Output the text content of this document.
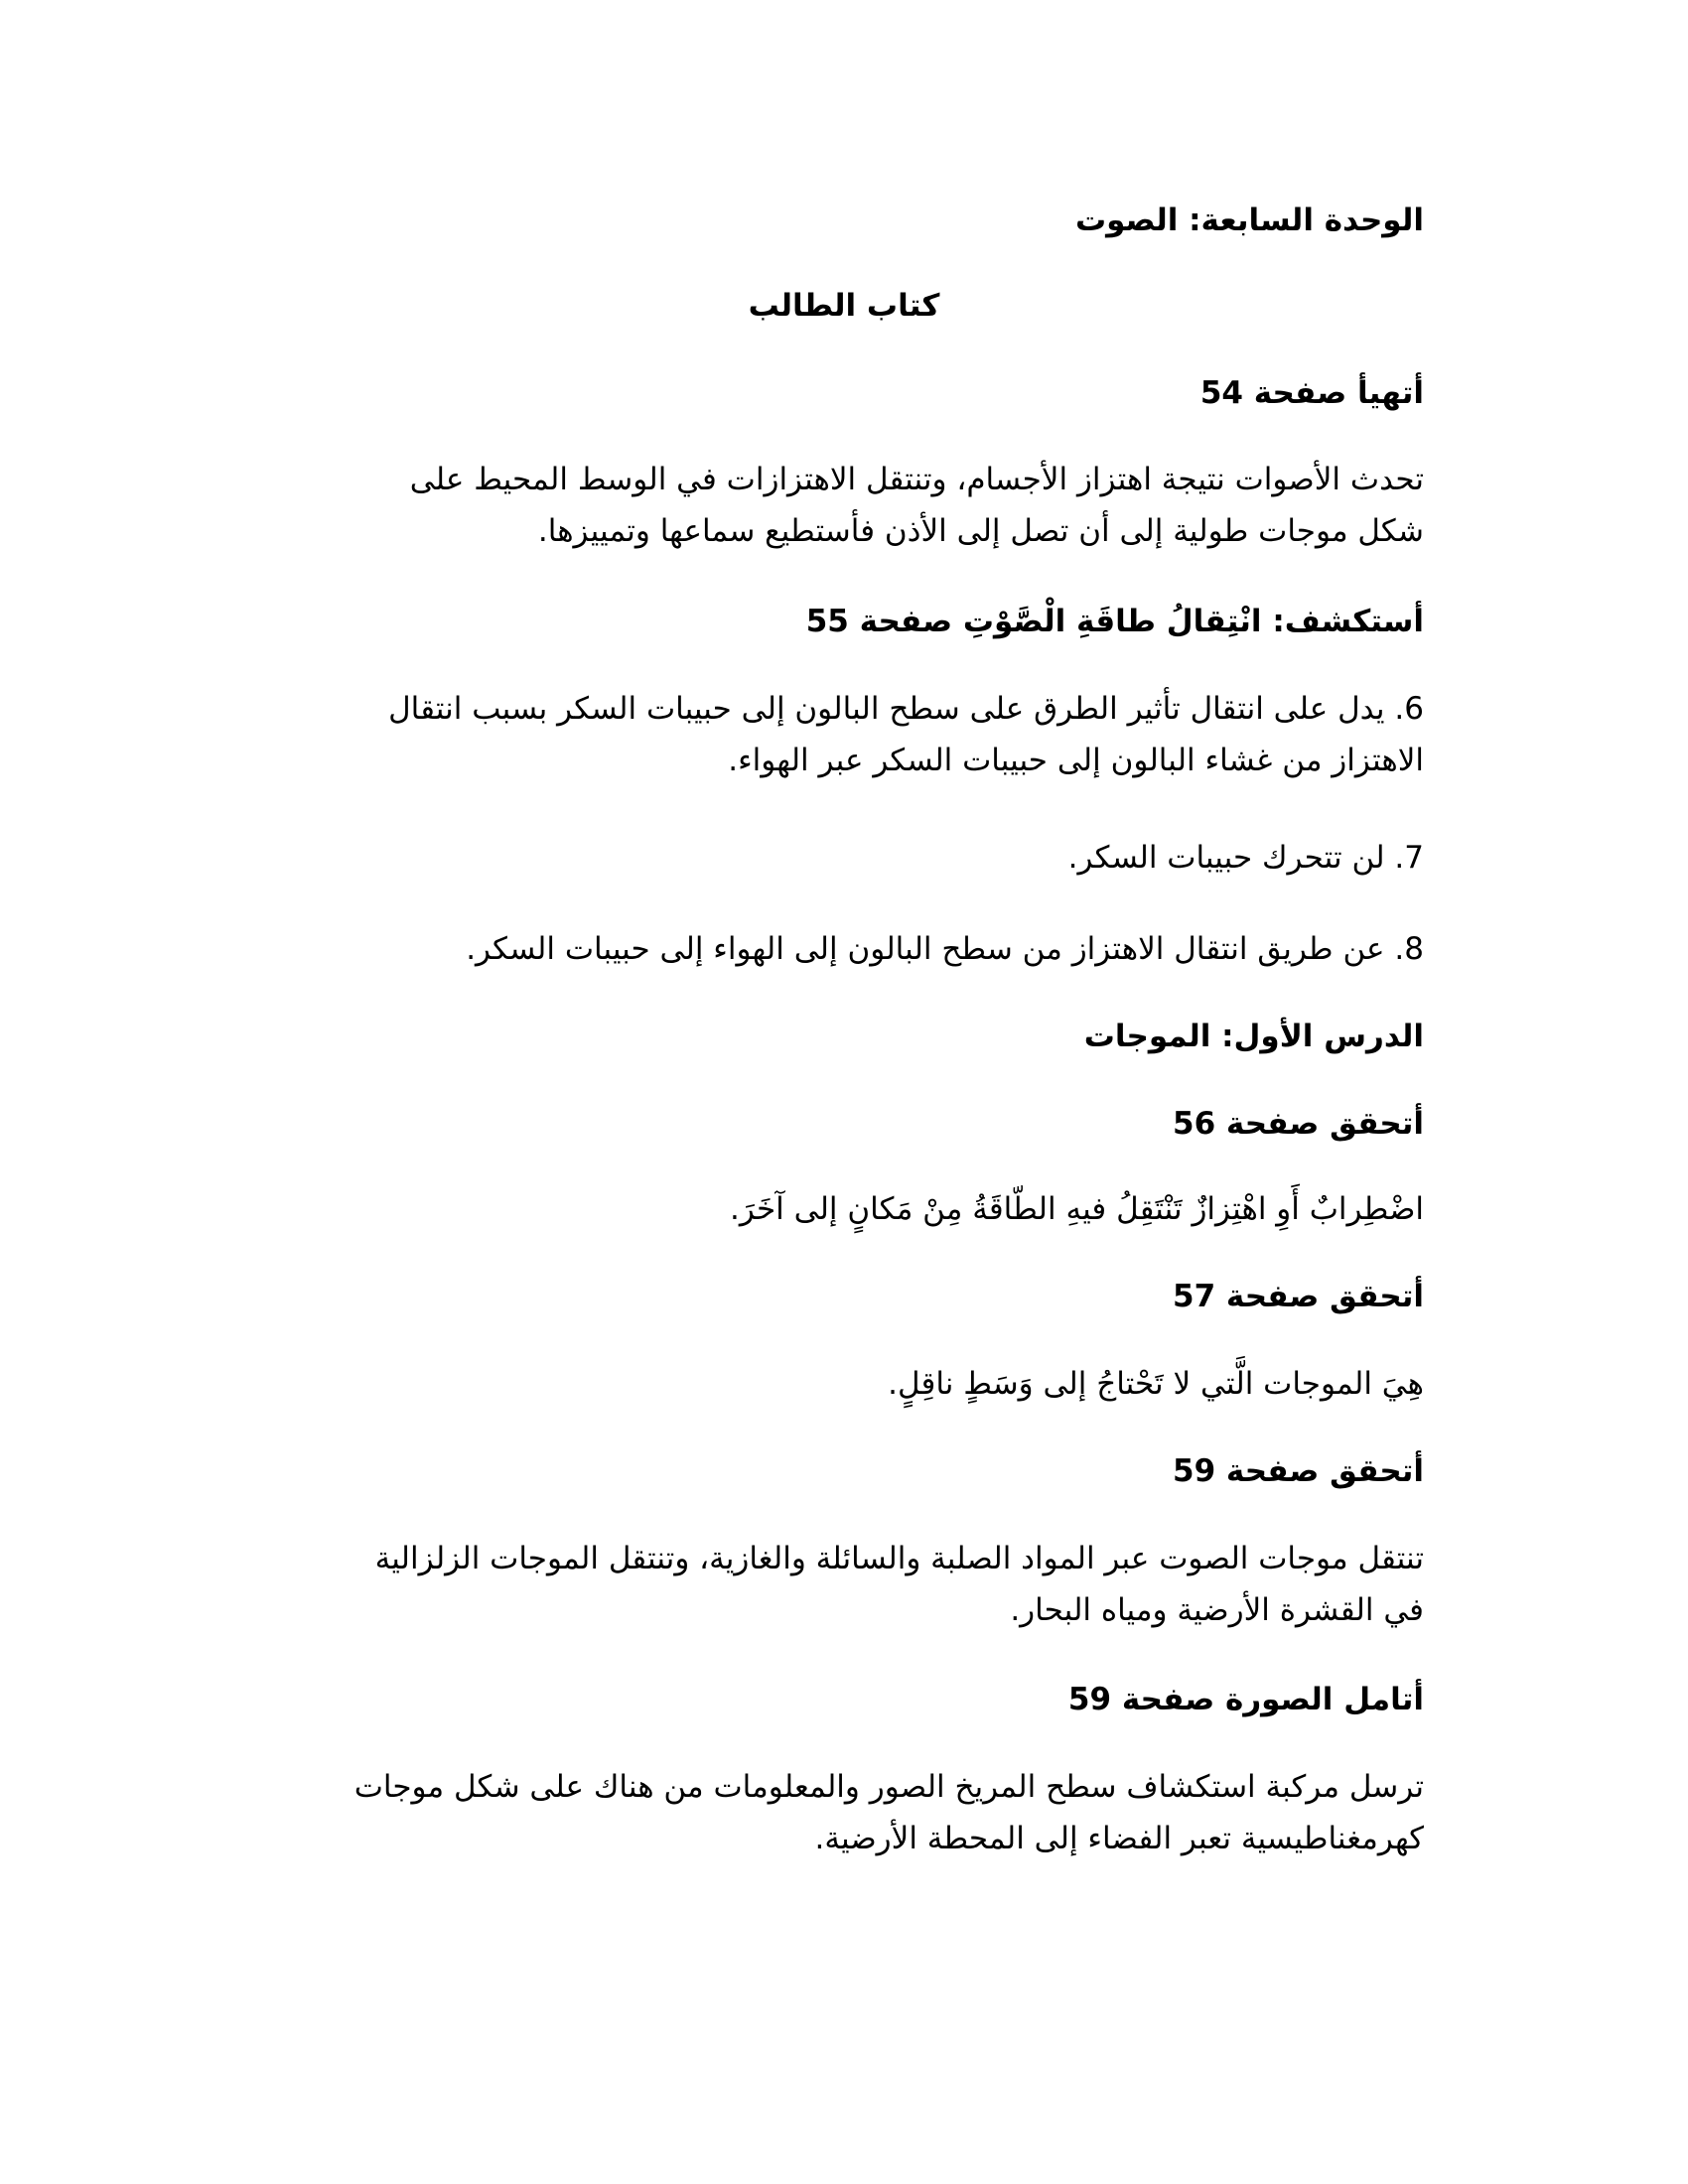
الوحدة السابعة: الصوت
كتاب الطالب
أتهيأ صفحة 54
تحدث الأصوات نتيجة اهتزاز الأجسام، وتنتقل الاهتزازات في الوسط المحيط على
شكل موجات طولية إلى أن تصل إلى الأذن فأستطيع سماعها وتمييزها.
أستكشف: انْتِقالُ طاقَةِ الْصَّوْتِ صفحة 55
6. يدل على انتقال تأثير الطرق على سطح البالون إلى حبيبات السكر بسبب انتقال
الاهتزاز من غشاء البالون إلى حبيبات السكر عبر الهواء.
7. لن تتحرك حبيبات السكر.
8. عن طريق انتقال الاهتزاز من سطح البالون إلى الهواء إلى حبيبات السكر.
الدرس الأول: الموجات
أتحقق صفحة 56
اضْطِرابٌ أَوِ اهْتِزازٌ تَنْتَقِلُ فيهِ الطّاقَةُ مِنْ مَكانٍ إلى آخَرَ.
أتحقق صفحة 57
هِيَ الموجات الَّتي لا تَحْتاجُ إلى وَسَطٍ ناقِلٍ.
أتحقق صفحة 59
تنتقل موجات الصوت عبر المواد الصلبة والسائلة والغازية، وتنتقل الموجات الزلزالية
في القشرة الأرضية ومياه البحار.
أتامل الصورة صفحة 59
ترسل مركبة استكشاف سطح المريخ الصور والمعلومات من هناك على شكل موجات
كهرمغناطيسية تعبر الفضاء إلى المحطة الأرضية.
